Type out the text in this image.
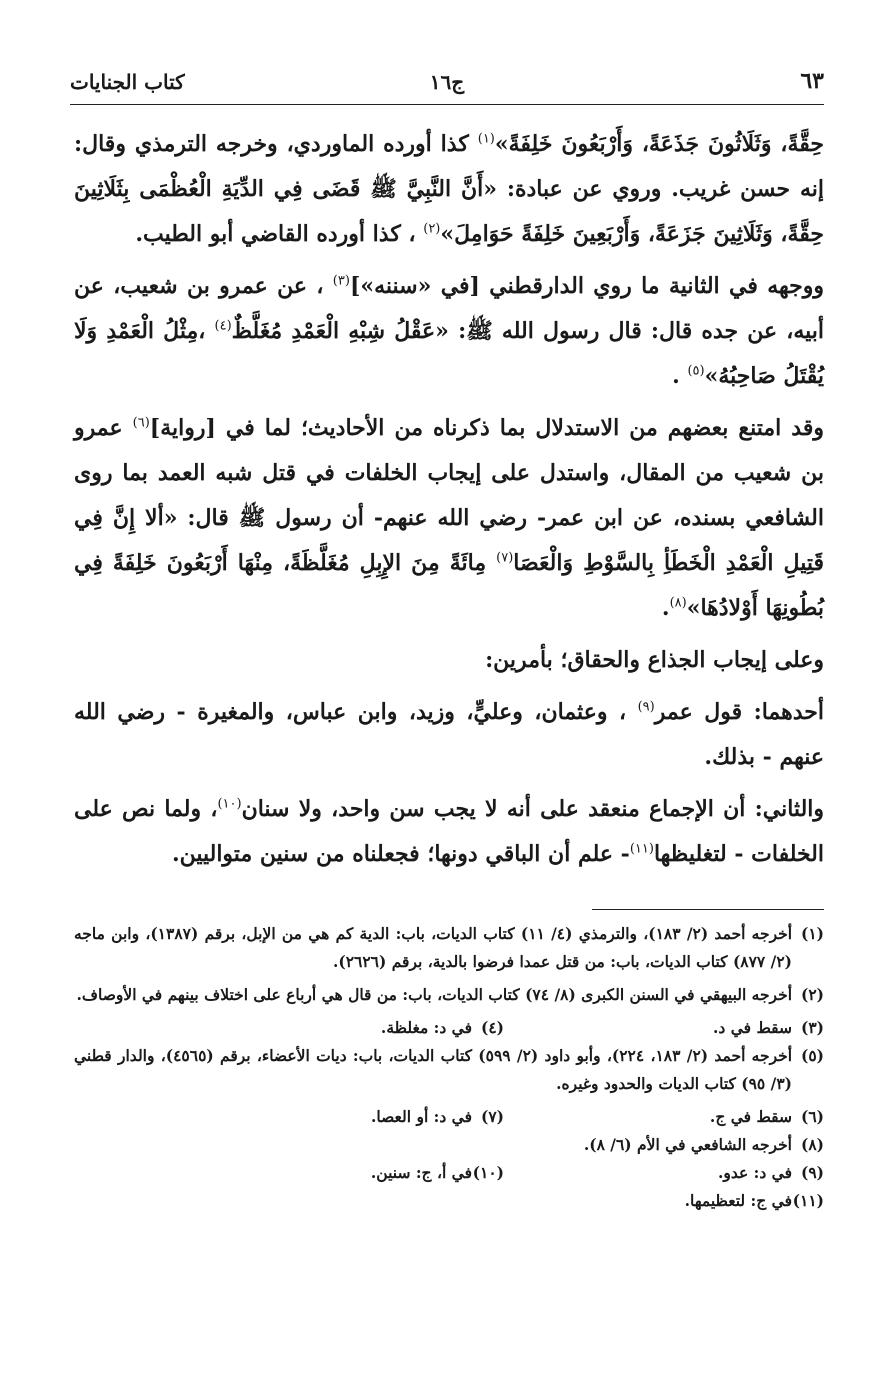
٦٣
ج١٦
كتاب الجنايات

حِقَّةً، وَثَلَاثُونَ جَذَعَةً، وَأَرْبَعُونَ خَلِفَةً»$^{(١)}$ كذا أورده الماوردي، وخرجه الترمذي وقال: إنه حسن غريب. وروي عن عبادة: «أَنَّ النَّبِيَّ ﷺ قَضَى فِي الدِّيَةِ الْعُظْمَى بِثَلَاثِينَ حِقَّةً، وَثَلَاثِينَ جَزَعَةً، وَأَرْبَعِينَ خَلِفَةً حَوَامِلَ»$^{(٢)}$ ، كذا أورده القاضي أبو الطيب.

ووجهه في الثانية ما روي الدارقطني [في «سننه»]$^{(٣)}$ ، عن عمرو بن شعيب، عن أبيه، عن جده قال: قال رسول الله ﷺ: «عَقْلُ شِبْهِ الْعَمْدِ مُغَلَّظٌ$^{(٤)}$ ،مِثْلُ الْعَمْدِ وَلَا يُقْتَلُ صَاحِبُهُ»$^{(٥)}$ .

وقد امتنع بعضهم من الاستدلال بما ذكرناه من الأحاديث؛ لما في [رواية]$^{(٦)}$ عمرو بن شعيب من المقال، واستدل على إيجاب الخلفات في قتل شبه العمد بما روى الشافعي بسنده، عن ابن عمر- رضي الله عنهم- أن رسول ﷺ قال: «ألا إِنَّ فِي قَتِيلِ الْعَمْدِ الْخَطَأِ بِالسَّوْطِ وَالْعَصَا$^{(٧)}$ مِائَةً مِنَ الإِبِلِ مُغَلَّظَةً، مِنْهَا أَرْبَعُونَ خَلِفَةً فِي بُطُونِهَا أَوْلادُهَا»$^{(٨)}$.

وعلى إيجاب الجذاع والحقاق؛ بأمرين:

أحدهما: قول عمر$^{(٩)}$ ، وعثمان، وعليٍّ، وزيد، وابن عباس، والمغيرة - رضي الله عنهم - بذلك.

والثاني: أن الإجماع منعقد على أنه لا يجب سن واحد، ولا سنان$^{(١٠)}$، ولما نص على الخلفات - لتغليظها$^{(١١)}$- علم أن الباقي دونها؛ فجعلناه من سنين متواليين.

(١)
أخرجه أحمد (٢/ ١٨٣)، والترمذي (٤/ ١١) كتاب الديات، باب: الدية كم هي من الإبل، برقم (١٣٨٧)، وابن ماجه (٢/ ٨٧٧) كتاب الديات، باب: من قتل عمدا فرضوا بالدية، برقم (٢٦٢٦).
(٢)
أخرجه البيهقي في السنن الكبرى (٨/ ٧٤) كتاب الديات، باب: من قال هي أرباع على اختلاف بينهم في الأوصاف.
(٣)
سقط في د.
(٤)
في د: مغلظة.
(٥)
أخرجه أحمد (٢/ ١٨٣، ٢٢٤)، وأبو داود (٢/ ٥٩٩) كتاب الديات، باب: ديات الأعضاء، برقم (٤٥٦٥)، والدار قطني (٣/ ٩٥) كتاب الديات والحدود وغيره.
(٦)
سقط في ج.
(٧)
في د: أو العصا.
(٨)
أخرجه الشافعي في الأم (٦/ ٨).
(٩)
في د: عدو.
(١٠)
في أ، ج: سنين.
(١١)
في ج: لتعظيمها.
